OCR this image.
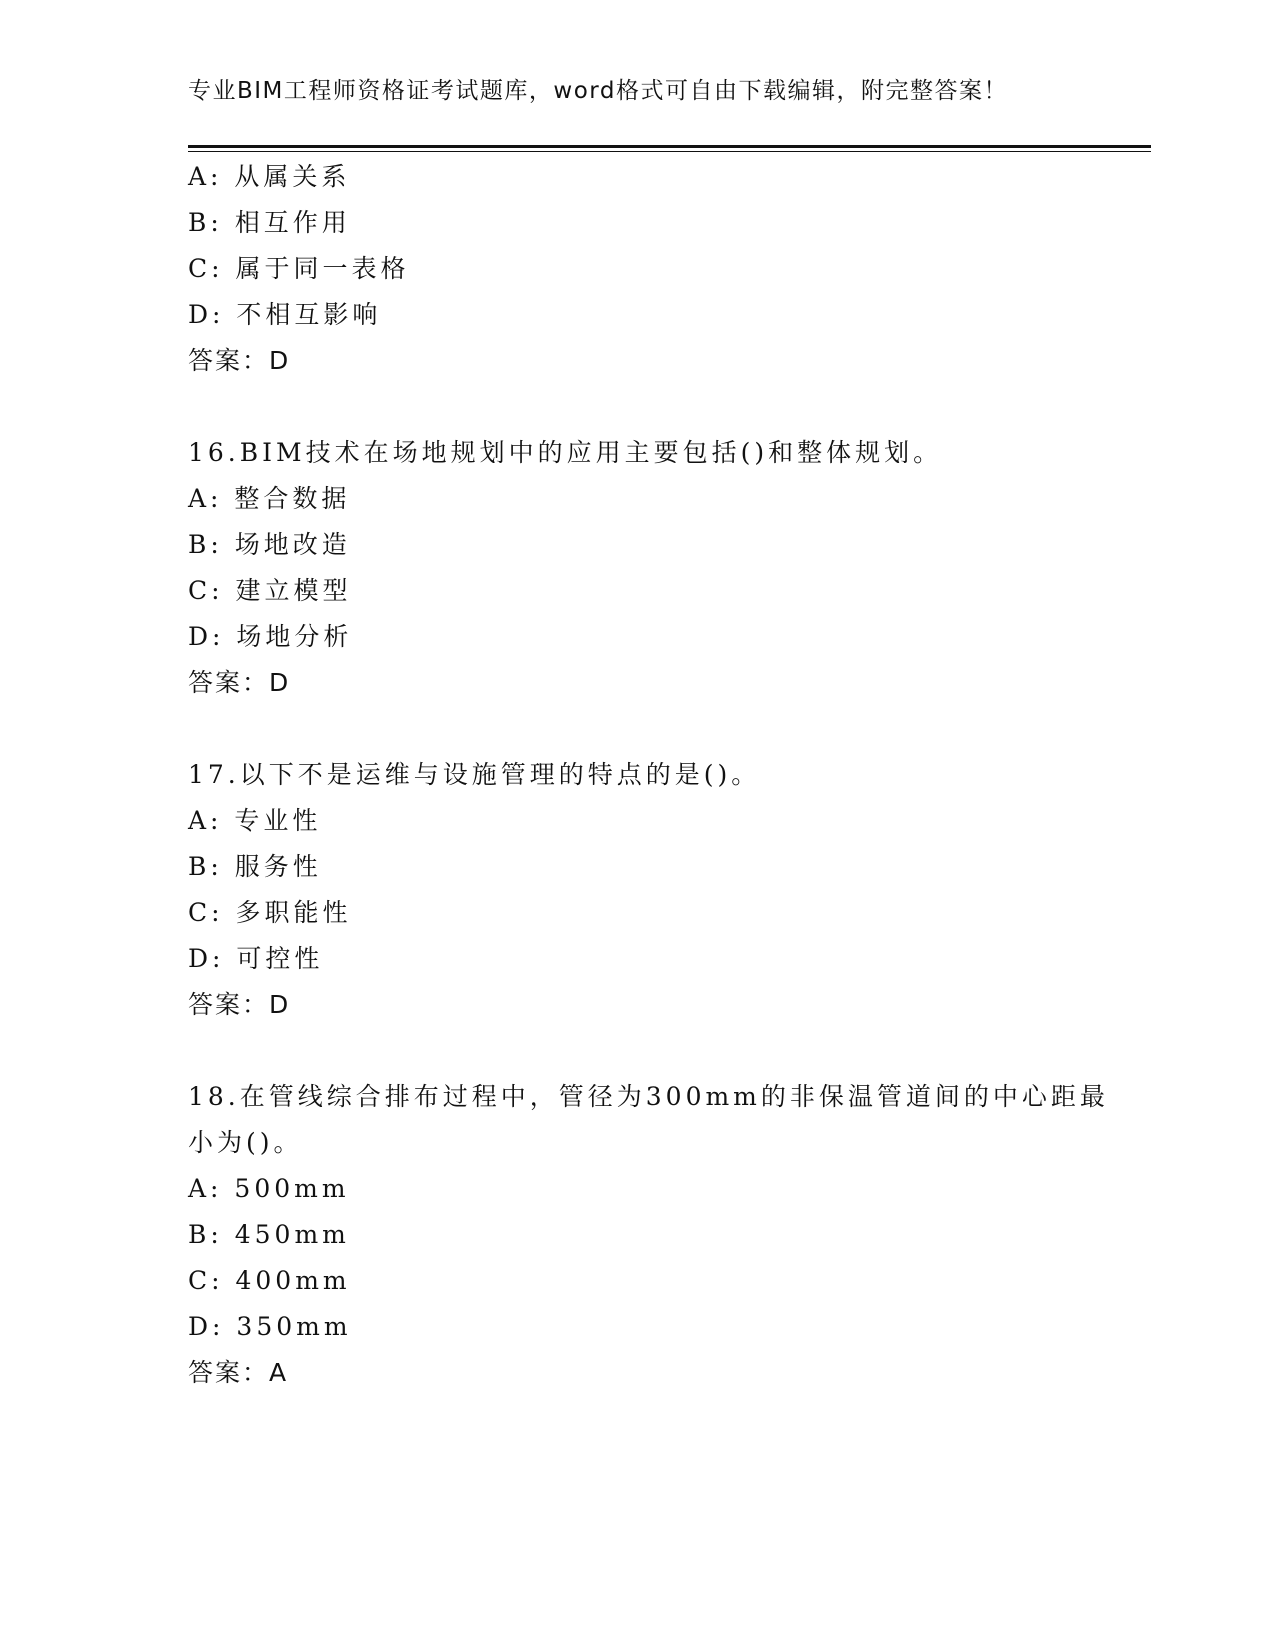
专业BIM工程师资格证考试题库，word格式可自由下载编辑，附完整答案！
A: 从属关系
B: 相互作用
C: 属于同一表格
D: 不相互影响
答案：D
16.BIM技术在场地规划中的应用主要包括()和整体规划。
A: 整合数据
B: 场地改造
C: 建立模型
D: 场地分析
答案：D
17.以下不是运维与设施管理的特点的是()。
A: 专业性
B: 服务性
C: 多职能性
D: 可控性
答案：D
18.在管线综合排布过程中，管径为300mm的非保温管道间的中心距最
小为()。
A: 500mm
B: 450mm
C: 400mm
D: 350mm
答案：A
